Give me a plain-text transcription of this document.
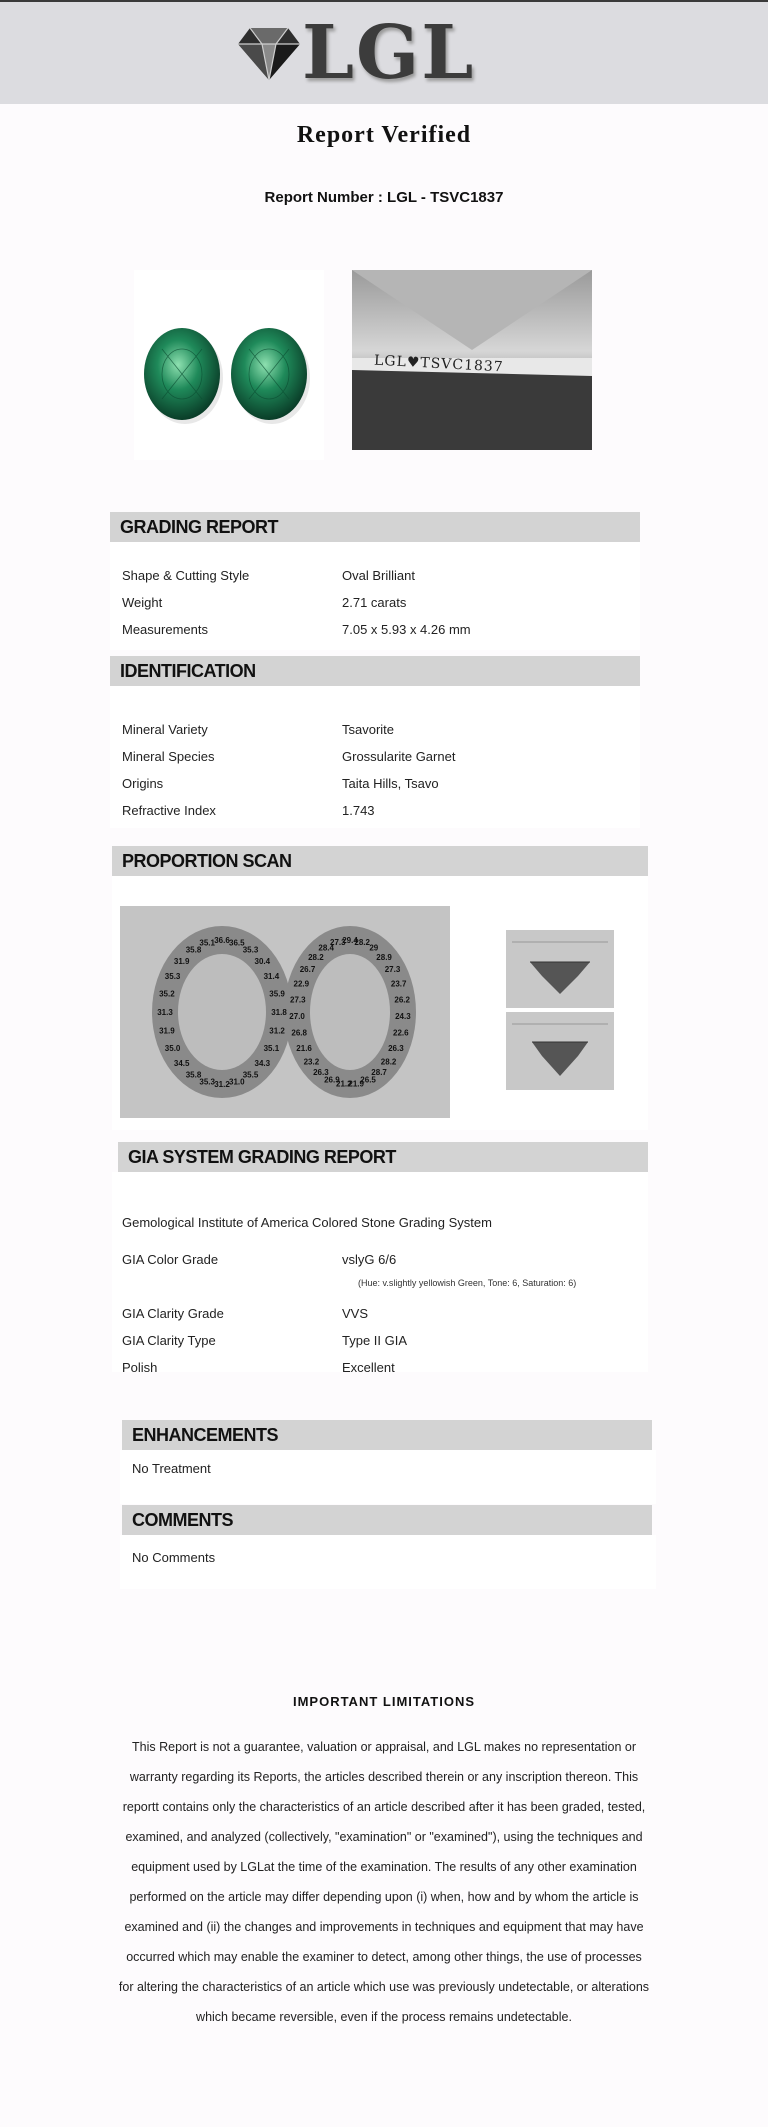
LGL
Report Verified
Report Number : LGL - TSVC1837
LGL♥TSVC1837
GRADING REPORT
Shape & Cutting Style	Oval Brilliant
Weight	2.71 carats
Measurements	7.05 x 5.93 x 4.26 mm
IDENTIFICATION
Mineral Variety	Tsavorite
Mineral Species	Grossularite Garnet
Origins	Taita Hills, Tsavo
Refractive Index	1.743
PROPORTION SCAN
36.6 36.5
35.3
30.4
31.4
35.9
31.8
31.2
35.1
34.3
35.5
31.0
31.2
35.3
35.8
34.5
35.0
31.9
31.3
35.2
35.3
31.9
35.8
35.1	29.4
28.2
29
28.9
27.3
23.7
26.2
24.3
22.6
26.3
28.2
28.7
26.5
21.9
21.2
26.9
26.3
23.2
21.6
26.8
27.0
27.3
22.9
26.7
28.2
28.4
27.3
GIA SYSTEM GRADING REPORT
Gemological Institute of America Colored Stone Grading System
GIA Color Grade	vslyG 6/6
(Hue: v.slightly yellowish Green, Tone: 6, Saturation: 6)
GIA Clarity Grade	VVS
GIA Clarity Type	Type II GIA
Polish	Excellent
ENHANCEMENTS
No Treatment
COMMENTS
No Comments
IMPORTANT LIMITATIONS
This Report is not a guarantee, valuation or appraisal, and LGL makes no representation or warranty regarding its Reports, the articles described therein or any inscription thereon. This reportt contains only the characteristics of an article described after it has been graded, tested, examined, and analyzed (collectively, "examination" or "examined"), using the techniques and equipment used by LGLat the time of the examination. The results of any other examination performed on the article may differ depending upon (i) when, how and by whom the article is examined and (ii) the changes and improvements in techniques and equipment that may have occurred which may enable the examiner to detect, among other things, the use of processes for altering the characteristics of an article which use was previously undetectable, or alterations which became reversible, even if the process remains undetectable.
